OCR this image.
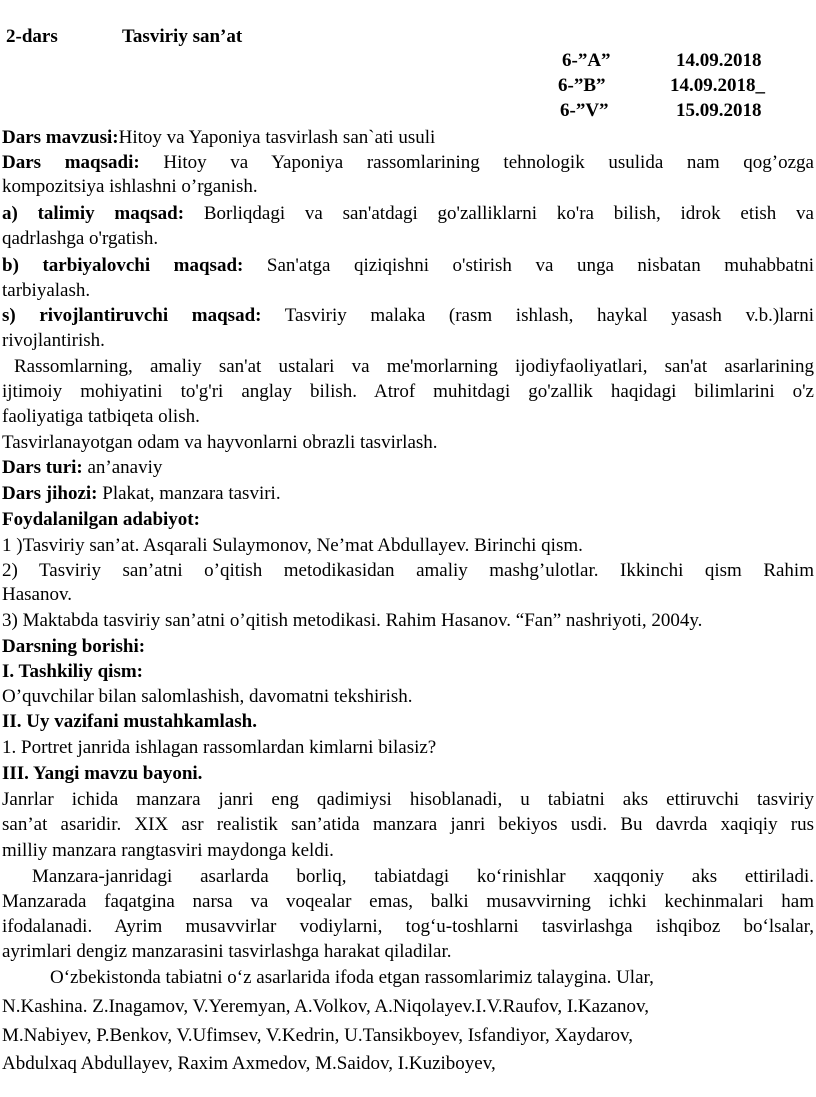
2-dars	Tasviriy san’at
6-”A”	14.09.2018
6-”B”	14.09.2018_
6-”V”	15.09.2018
Dars mavzusi:Hitoy va Yaponiya tasvirlash san`ati usuli
Dars maqsadi: Hitoy va Yaponiya rassomlarining tehnologik usulida nam qog’ozga
kompozitsiya ishlashni o’rganish.
a) talimiy maqsad: Borliqdagi va san'atdagi go'zalliklarni ko'ra bilish, idrok etish va
qadrlashga o'rgatish.
b) tarbiyalovchi maqsad: San'atga qiziqishni o'stirish va unga nisbatan muhabbatni
tarbiyalash.
s) rivojlantiruvchi maqsad: Tasviriy malaka (rasm ishlash, haykal yasash v.b.)larni
rivojlantirish.
Rassomlarning, amaliy san'at ustalari va me'morlarning ijodiyfaoliyatlari, san'at asarlarining
ijtimoiy mohiyatini to'g'ri anglay bilish. Atrof muhitdagi go'zallik haqidagi bilimlarini o'z
faoliyatiga tatbiqeta olish.
Tasvirlanayotgan odam va hayvonlarni obrazli tasvirlash.
Dars turi: an’anaviy
Dars jihozi: Plakat, manzara tasviri.
Foydalanilgan adabiyot:
1 )Tasviriy san’at. Asqarali Sulaymonov, Ne’mat Abdullayev. Birinchi qism.
2) Tasviriy san’atni o’qitish metodikasidan amaliy mashg’ulotlar. Ikkinchi qism Rahim
Hasanov.
3) Maktabda tasviriy san’atni o’qitish metodikasi. Rahim Hasanov. “Fan” nashriyoti, 2004y.
Darsning borishi:
I. Tashkiliy qism:
O’quvchilar bilan salomlashish, davomatni tekshirish.
II. Uy vazifani mustahkamlash.
1. Portret janrida ishlagan rassomlardan kimlarni bilasiz?
III. Yangi mavzu bayoni.
Janrlar ichida manzara janri eng qadimiysi hisoblanadi, u tabiatni aks ettiruvchi tasviriy
san’at asaridir. XIX asr realistik san’atida manzara janri bekiyos usdi. Bu davrda xaqiqiy rus
milliy manzara rangtasviri maydonga keldi.
Manzara-janridagi asarlarda borliq, tabiatdagi ko‘rinishlar xaqqoniy aks ettiriladi.
Manzarada faqatgina narsa va voqealar emas, balki musavvirning ichki kechinmalari ham
ifodalanadi. Ayrim musavvirlar vodiylarni, tog‘u-toshlarni tasvirlashga ishqiboz bo‘lsalar,
ayrimlari dengiz manzarasini tasvirlashga harakat qiladilar.
O‘zbekistonda tabiatni o‘z asarlarida ifoda etgan rassomlarimiz talaygina. Ular,
N.Kashina. Z.Inagamov, V.Yeremyan, A.Volkov, A.Niqolayev.I.V.Raufov, I.Kazanov,
M.Nabiyev, P.Benkov, V.Ufimsev, V.Kedrin, U.Tansikboyev, Isfandiyor, Xaydarov,
Abdulxaq Abdullayev, Raxim Axmedov, M.Saidov, I.Kuziboyev,
